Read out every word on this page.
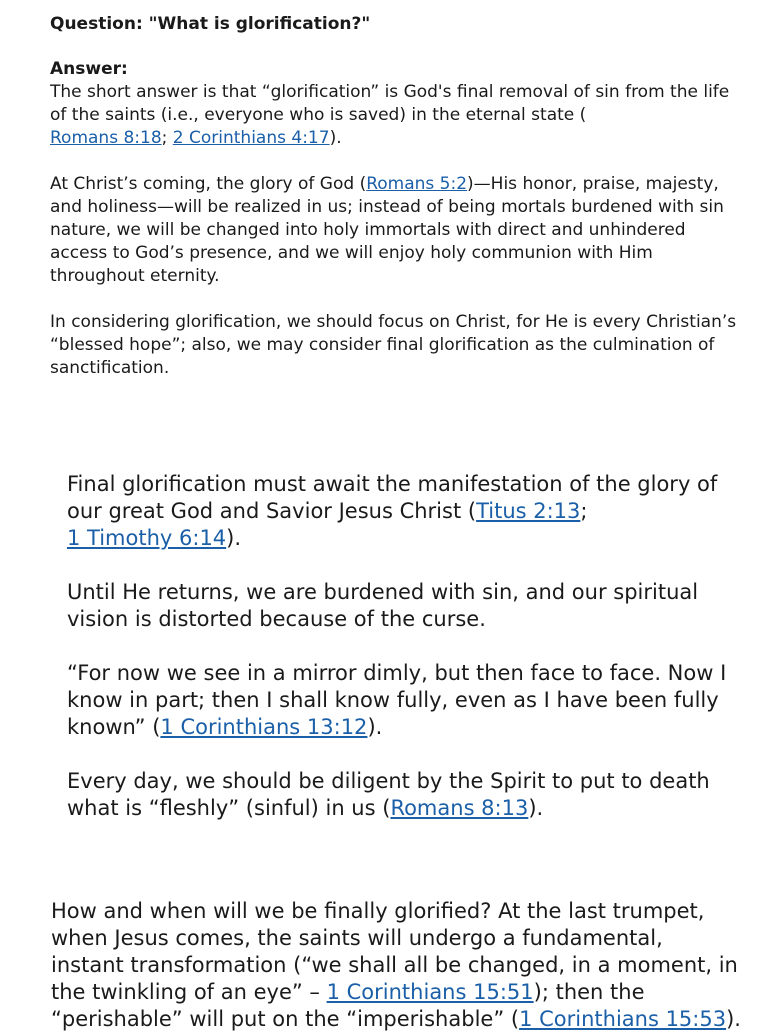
Question: "What is glorification?"

Answer:

The short answer is that “glorification” is God's final removal of sin from the life of the saints (i.e., everyone who is saved) in the eternal state (
Romans 8:18; 2 Corinthians 4:17).

At Christ’s coming, the glory of God (Romans 5:2)—His honor, praise, majesty, and holiness—will be realized in us; instead of being mortals burdened with sin nature, we will be changed into holy immortals with direct and unhindered access to God’s presence, and we will enjoy holy communion with Him throughout eternity.

In considering glorification, we should focus on Christ, for He is every Christian’s “blessed hope”; also, we may consider final glorification as the culmination of sanctification.

Final glorification must await the manifestation of the glory of our great God and Savior Jesus Christ (Titus 2:13;
1 Timothy 6:14).

Until He returns, we are burdened with sin, and our spiritual vision is distorted because of the curse.

“For now we see in a mirror dimly, but then face to face. Now I know in part; then I shall know fully, even as I have been fully known” (1 Corinthians 13:12).

Every day, we should be diligent by the Spirit to put to death what is “fleshly” (sinful) in us (Romans 8:13).

How and when will we be finally glorified? At the last trumpet, when Jesus comes, the saints will undergo a fundamental, instant transformation (“we shall all be changed, in a moment, in the twinkling of an eye” – 1 Corinthians 15:51); then the “perishable” will put on the “imperishable” (1 Corinthians 15:53).
